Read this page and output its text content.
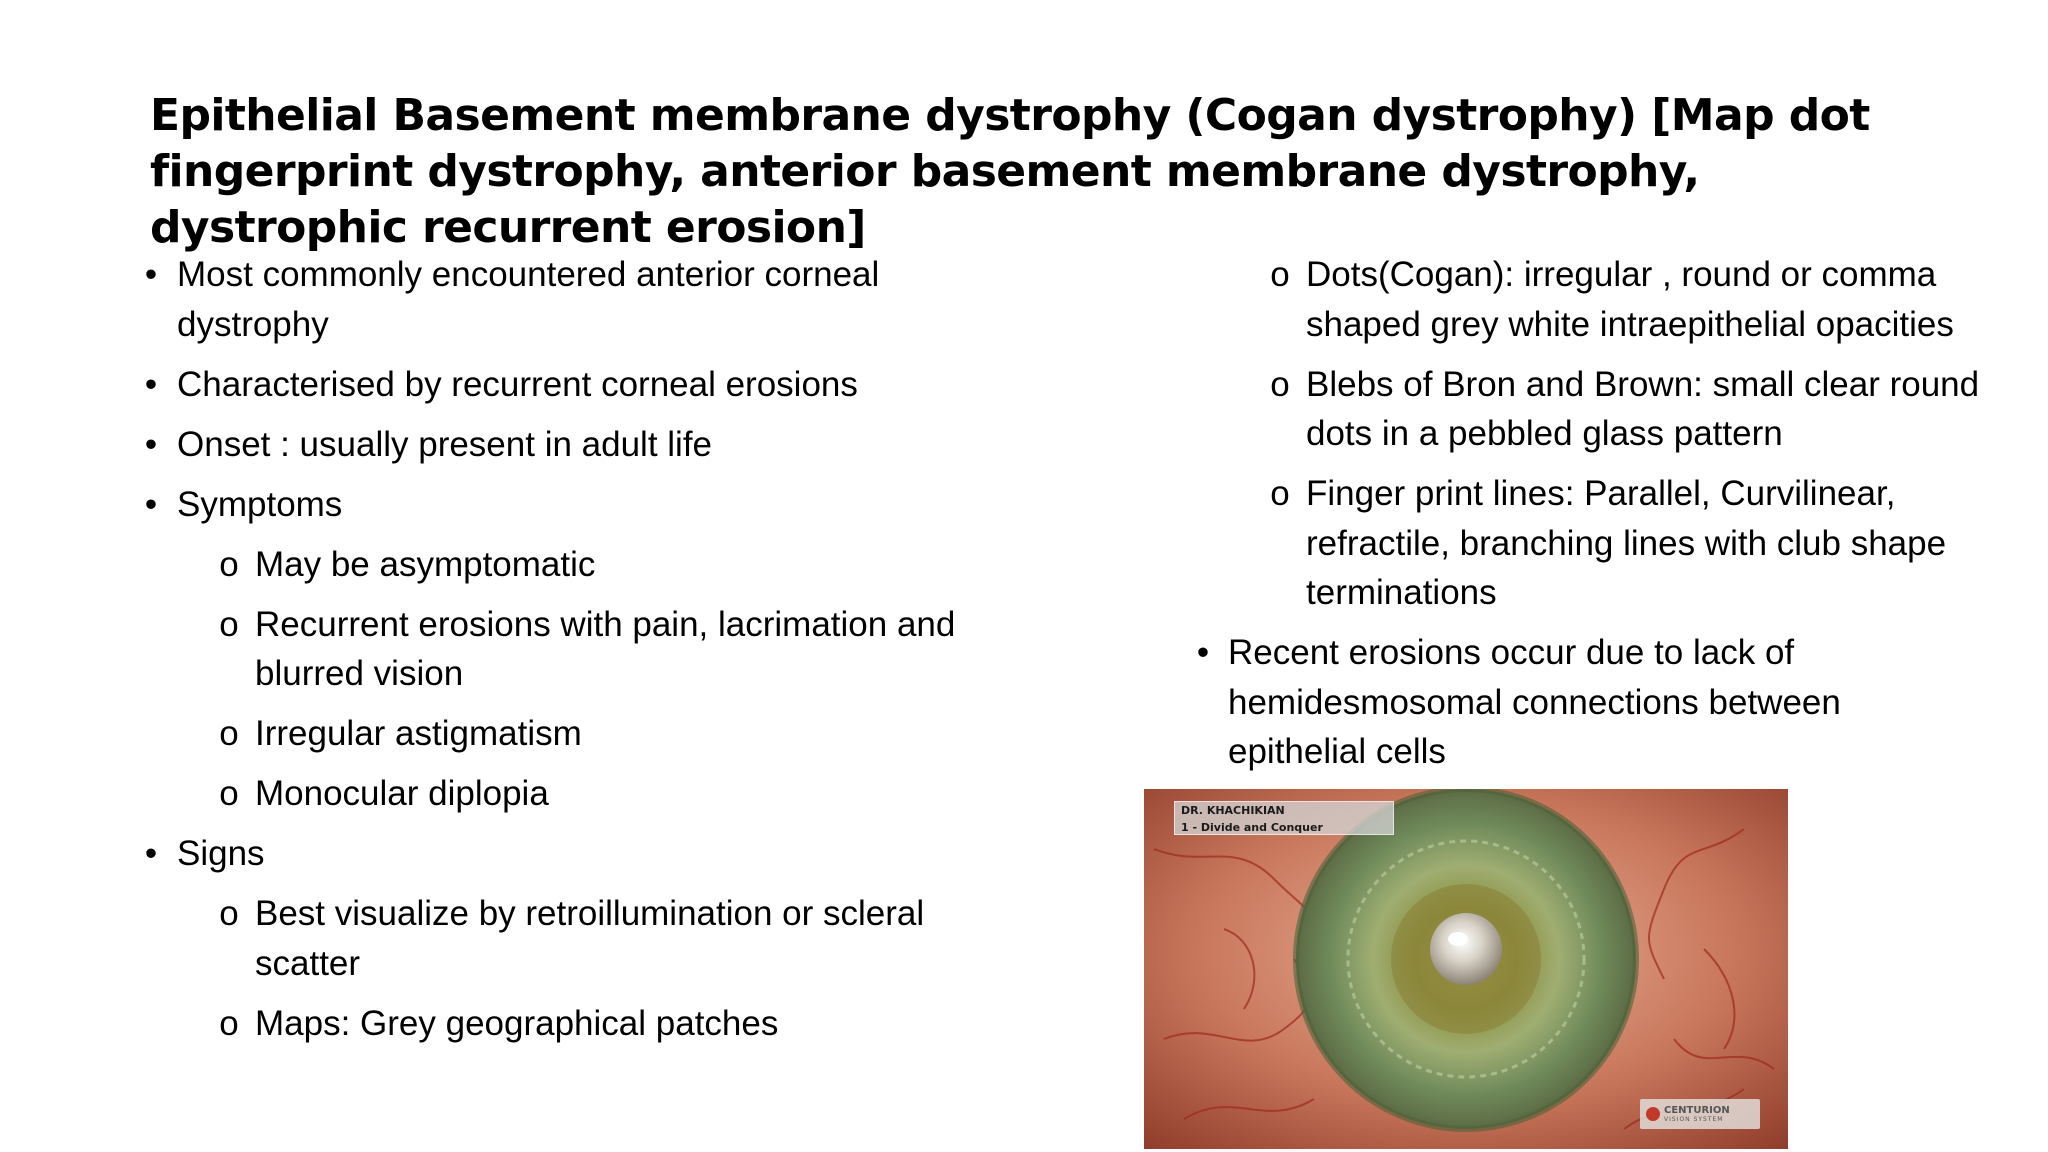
Epithelial Basement membrane dystrophy (Cogan dystrophy) [Map dot fingerprint dystrophy, anterior basement membrane dystrophy, dystrophic recurrent erosion]
• Most commonly encountered anterior corneal dystrophy
• Characterised by recurrent corneal erosions
• Onset : usually present in adult life
• Symptoms
o May be asymptomatic
o Recurrent erosions with pain, lacrimation and blurred vision
o Irregular astigmatism
o Monocular diplopia
• Signs
o Best visualize by retroillumination or scleral scatter
o Maps: Grey geographical patches
o Dots(Cogan): irregular , round or comma shaped grey white intraepithelial opacities
o Blebs of Bron and Brown: small clear round dots in a pebbled glass pattern
o Finger print lines: Parallel, Curvilinear, refractile, branching lines with club shape terminations
• Recent erosions occur due to lack of hemidesmosomal connections between epithelial cells
DR. KHACHIKIAN
1 - Divide and Conquer
CENTURION
VISION SYSTEM
